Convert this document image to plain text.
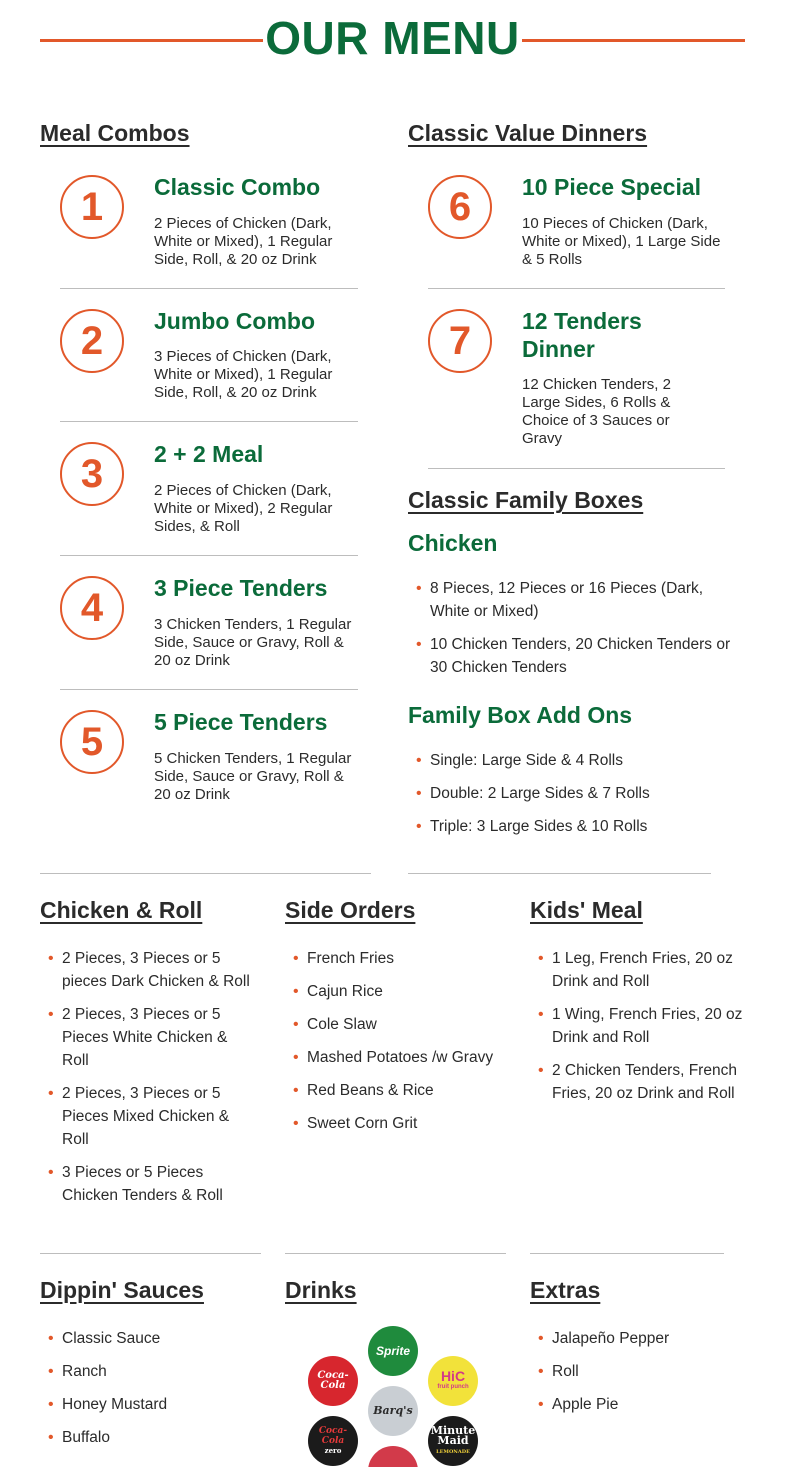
OUR MENU
Meal Combos
1	Classic Combo
2 Pieces of Chicken (Dark, White or Mixed), 1 Regular Side, Roll, & 20 oz Drink
2	Jumbo Combo
3 Pieces of Chicken (Dark, White or Mixed), 1 Regular Side, Roll, & 20 oz Drink
3	2 + 2 Meal
2 Pieces of Chicken (Dark, White or Mixed), 2 Regular Sides, & Roll
4	3 Piece Tenders
3 Chicken Tenders, 1 Regular Side, Sauce or Gravy, Roll & 20 oz Drink
5	5 Piece Tenders
5 Chicken Tenders, 1 Regular Side, Sauce or Gravy, Roll & 20 oz Drink
Classic Value Dinners
6	10 Piece Special
10 Pieces of Chicken (Dark, White or Mixed), 1 Large Side & 5 Rolls
7	12 Tenders Dinner
12 Chicken Tenders, 2 Large Sides, 6 Rolls & Choice of 3 Sauces or Gravy
Classic Family Boxes
Chicken
• 8 Pieces, 12 Pieces or 16 Pieces (Dark, White or Mixed)
• 10 Chicken Tenders, 20 Chicken Tenders or 30 Chicken Tenders
Family Box Add Ons
• Single: Large Side & 4 Rolls
• Double: 2 Large Sides & 7 Rolls
• Triple: 3 Large Sides & 10 Rolls
Chicken & Roll
• 2 Pieces, 3 Pieces or 5 pieces Dark Chicken & Roll
• 2 Pieces, 3 Pieces or 5 Pieces White Chicken & Roll
• 2 Pieces, 3 Pieces or 5 Pieces Mixed Chicken & Roll
• 3 Pieces or 5 Pieces Chicken Tenders & Roll
Side Orders
• French Fries
• Cajun Rice
• Cole Slaw
• Mashed Potatoes /w Gravy
• Red Beans & Rice
• Sweet Corn Grit
Kids' Meal
• 1 Leg, French Fries, 20 oz Drink and Roll
• 1 Wing, French Fries, 20 oz Drink and Roll
• 2 Chicken Tenders, French Fries, 20 oz Drink and Roll
Dippin' Sauces
• Classic Sauce
• Ranch
• Honey Mustard
• Buffalo
Drinks
Sprite
Coca-Cola
HiC
fruit punch
Barq's
Coca-Cola
zero
Minute Maid
LEMONADE
Extras
• Jalapeño Pepper
• Roll
• Apple Pie
